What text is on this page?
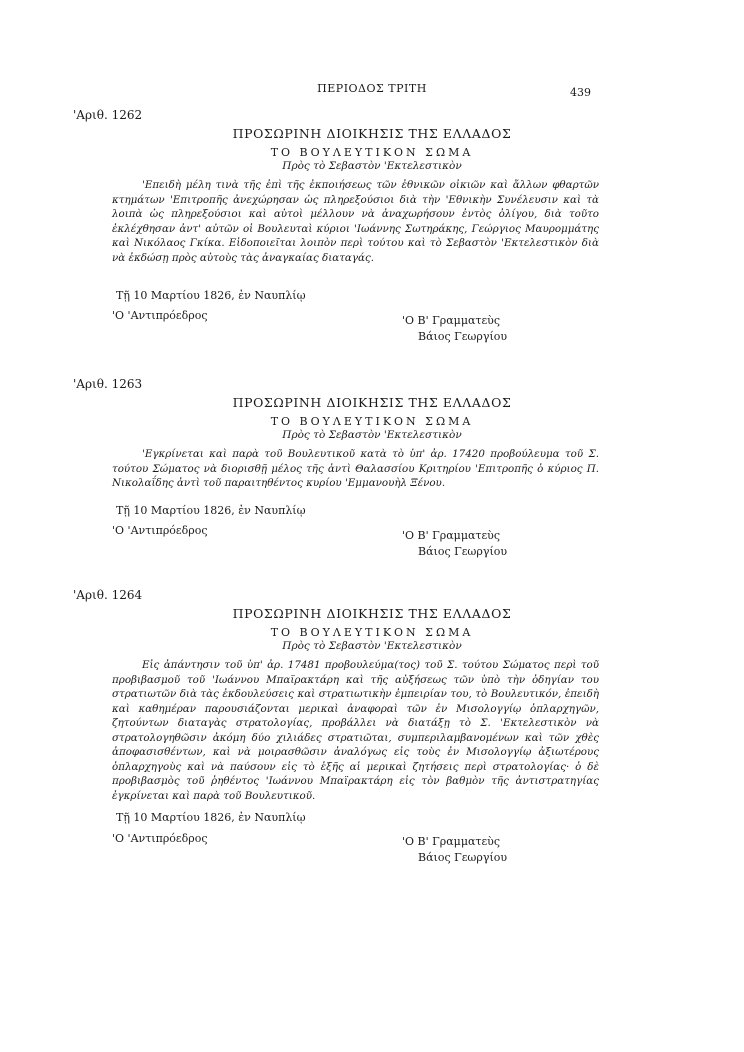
ΠΕΡΙΟΔΟΣ ΤΡΙΤΗ	439
'Αριθ. 1262
ΠΡΟΣΩΡΙΝΗ ΔΙΟΙΚΗΣΙΣ ΤΗΣ ΕΛΛΑΔΟΣ
ΤΟ ΒΟΥΛΕΥΤΙΚΟΝ ΣΩΜΑ
Πρὸς τὸ Σεβαστὸν 'Εκτελεστικὸν

'Επειδὴ μέλη τινὰ τῆς ἐπὶ τῆς ἐκποιήσεως τῶν ἐθνικῶν οἰκιῶν καὶ ἄλλων φθαρτῶν κτημάτων 'Επιτροπῆς ἀνεχώρησαν ὡς πληρεξούσιοι διὰ τὴν 'Εθνικὴν Συνέλευσιν καὶ τὰ λοιπὰ ὡς πληρεξούσιοι καὶ αὐτοὶ μέλλουν νὰ ἀναχωρήσουν ἐντὸς ὀλίγου, διὰ τοῦτο ἐκλέχθησαν ἀντ' αὐτῶν οἱ Βουλευταὶ κύριοι 'Ιωάννης Σωτηράκης, Γεώργιος Μαυρομμάτης καὶ Νικόλαος Γκίκα. Εἰδοποιεῖται λοιπὸν περὶ τούτου καὶ τὸ Σεβαστὸν 'Εκτελεστικὸν διὰ νὰ ἐκδώσῃ πρὸς αὐτοὺς τὰς ἀναγκαίας διαταγάς.

Τῇ 10 Μαρτίου 1826, ἐν Ναυπλίῳ
'Ο 'Αντιπρόεδρος	'Ο Β' Γραμματεὺς
Βάιος Γεωργίου
'Αριθ. 1263
ΠΡΟΣΩΡΙΝΗ ΔΙΟΙΚΗΣΙΣ ΤΗΣ ΕΛΛΑΔΟΣ
ΤΟ ΒΟΥΛΕΥΤΙΚΟΝ ΣΩΜΑ
Πρὸς τὸ Σεβαστὸν 'Εκτελεστικὸν

'Εγκρίνεται καὶ παρὰ τοῦ Βουλευτικοῦ κατὰ τὸ ὑπ' ἀρ. 17420 προβούλευμα τοῦ Σ. τούτου Σώματος νὰ διορισθῇ μέλος τῆς ἀντὶ Θαλασσίου Κριτηρίου 'Επιτροπῆς ὁ κύριος Π. Νικολαΐδης ἀντὶ τοῦ παραιτηθέντος κυρίου 'Εμμανουὴλ Ξένου.

Τῇ 10 Μαρτίου 1826, ἐν Ναυπλίῳ
'Ο 'Αντιπρόεδρος	'Ο Β' Γραμματεὺς
Βάιος Γεωργίου
'Αριθ. 1264
ΠΡΟΣΩΡΙΝΗ ΔΙΟΙΚΗΣΙΣ ΤΗΣ ΕΛΛΑΔΟΣ
ΤΟ ΒΟΥΛΕΥΤΙΚΟΝ ΣΩΜΑ
Πρὸς τὸ Σεβαστὸν 'Εκτελεστικὸν

Εἰς ἀπάντησιν τοῦ ὑπ' ἀρ. 17481 προβουλεύμα(τος) τοῦ Σ. τούτου Σώματος περὶ τοῦ προβιβασμοῦ τοῦ 'Ιωάννου Μπαϊρακτάρη καὶ τῆς αὐξήσεως τῶν ὑπὸ τὴν ὁδηγίαν του στρατιωτῶν διὰ τὰς ἐκδουλεύσεις καὶ στρατιωτικὴν ἐμπειρίαν του, τὸ Βουλευτικόν, ἐπειδὴ καὶ καθημέραν παρουσιάζονται μερικαὶ ἀναφοραὶ τῶν ἐν Μισολογγίῳ ὁπλαρχηγῶν, ζητούντων διαταγὰς στρατολογίας, προβάλλει νὰ διατάξῃ τὸ Σ. 'Εκτελεστικὸν νὰ στρατολογηθῶσιν ἀκόμη δύο χιλιάδες στρατιῶται, συμπεριλαμβανομένων καὶ τῶν χθὲς ἀποφασισθέντων, καὶ νὰ μοιρασθῶσιν ἀναλόγως εἰς τοὺς ἐν Μισολογγίῳ ἀξιωτέρους ὁπλαρχηγοὺς καὶ νὰ παύσουν εἰς τὸ ἑξῆς αἱ μερικαὶ ζητήσεις περὶ στρατολογίας· ὁ δὲ προβιβασμὸς τοῦ ῥηθέντος 'Ιωάννου Μπαϊρακτάρη εἰς τὸν βαθμὸν τῆς ἀντιστρατηγίας ἐγκρίνεται καὶ παρὰ τοῦ Βουλευτικοῦ.

Τῇ 10 Μαρτίου 1826, ἐν Ναυπλίῳ
'Ο 'Αντιπρόεδρος	'Ο Β' Γραμματεὺς
Βάιος Γεωργίου
